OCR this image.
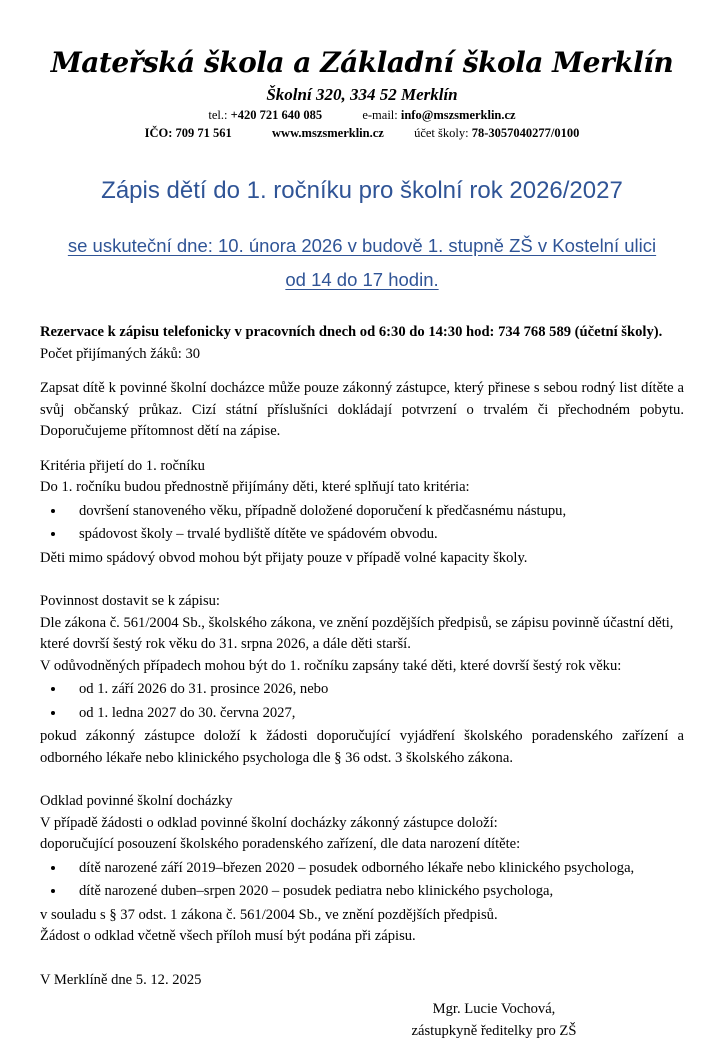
Mateřská škola a Základní škola Merklín
Školní 320, 334 52 Merklín
tel.: +420 721 640 085	e-mail: info@mszsmerklin.cz
IČO: 709 71 561	www.mszsmerklin.cz účet školy: 78-3057040277/0100
Zápis dětí do 1. ročníku pro školní rok 2026/2027
se uskuteční dne: 10. února 2026 v budově 1. stupně ZŠ v Kostelní ulici
od 14 do 17 hodin.

Rezervace k zápisu telefonicky v pracovních dnech od 6:30 do 14:30 hod: 734 768 589 (účetní školy).

Počet přijímaných žáků: 30

Zapsat dítě k povinné školní docházce může pouze zákonný zástupce, který přinese s sebou rodný list dítěte a svůj občanský průkaz. Cizí státní příslušníci dokládají potvrzení o trvalém či přechodném pobytu. Doporučujeme přítomnost dětí na zápise.

Kritéria přijetí do 1. ročníku

Do 1. ročníku budou přednostně přijímány děti, které splňují tato kritéria:

• dovršení stanoveného věku, případně doložené doporučení k předčasnému nástupu,
• spádovost školy – trvalé bydliště dítěte ve spádovém obvodu.

Děti mimo spádový obvod mohou být přijaty pouze v případě volné kapacity školy.

Povinnost dostavit se k zápisu:

Dle zákona č. 561/2004 Sb., školského zákona, ve znění pozdějších předpisů, se zápisu povinně účastní děti, které dovrší šestý rok věku do 31. srpna 2026, a dále děti starší.

V odůvodněných případech mohou být do 1. ročníku zapsány také děti, které dovrší šestý rok věku:

• od 1. září 2026 do 31. prosince 2026, nebo
• od 1. ledna 2027 do 30. června 2027,

pokud zákonný zástupce doloží k žádosti doporučující vyjádření školského poradenského zařízení a odborného lékaře nebo klinického psychologa dle § 36 odst. 3 školského zákona.

Odklad povinné školní docházky

V případě žádosti o odklad povinné školní docházky zákonný zástupce doloží:

doporučující posouzení školského poradenského zařízení, dle data narození dítěte:

• dítě narozené září 2019–březen 2020 – posudek odborného lékaře nebo klinického psychologa,
• dítě narozené duben–srpen 2020 – posudek pediatra nebo klinického psychologa,

v souladu s § 37 odst. 1 zákona č. 561/2004 Sb., ve znění pozdějších předpisů.

Žádost o odklad včetně všech příloh musí být podána při zápisu.

V Merklíně dne 5. 12. 2025

Mgr. Lucie Vochová,
zástupkyně ředitelky pro ZŠ
